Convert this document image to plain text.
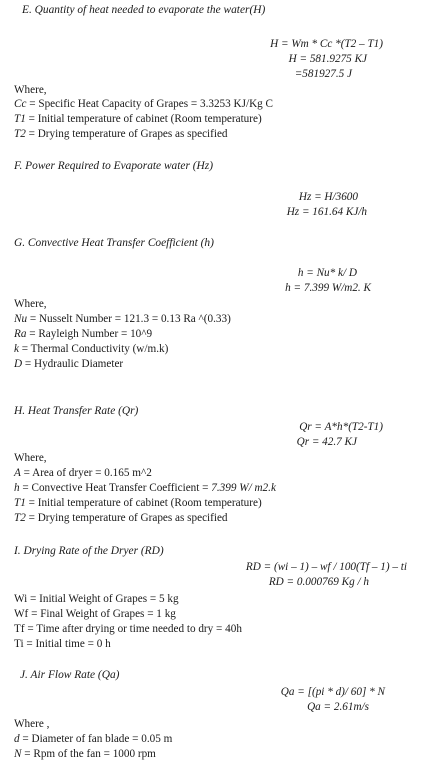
E. Quantity of heat needed to evaporate the water(H)
H = Wm * Cc *(T2 – T1)
H = 581.9275 KJ
=581927.5 J
Where,
Cc = Specific Heat Capacity of Grapes = 3.3253 KJ/Kg C
T1 = Initial temperature of cabinet (Room temperature)
T2 = Drying temperature of Grapes as specified
F. Power Required to Evaporate water (Hz)
Hz = H/3600
Hz = 161.64 KJ/h
G. Convective Heat Transfer Coefficient (h)
h = Nu* k/ D
h = 7.399 W/m2. K
Where,
Nu = Nusselt Number = 121.3 = 0.13 Ra ^(0.33)
Ra = Rayleigh Number = 10^9
k = Thermal Conductivity (w/m.k)
D = Hydraulic Diameter
H. Heat Transfer Rate (Qr)
Qr = A*h*(T2-T1)
Qr = 42.7 KJ
Where,
A = Area of dryer = 0.165 m^2
h = Convective Heat Transfer Coefficient = 7.399 W/ m2.k
T1 = Initial temperature of cabinet (Room temperature)
T2 = Drying temperature of Grapes as specified
I. Drying Rate of the Dryer (RD)
RD = (wi – 1) – wf / 100(Tf – 1) – ti
RD = 0.000769 Kg / h
Wi = Initial Weight of Grapes = 5 kg
Wf = Final Weight of Grapes = 1 kg
Tf = Time after drying or time needed to dry = 40h
Ti = Initial time = 0 h
J. Air Flow Rate (Qa)
Qa = [(pi * d)/ 60] * N
Qa = 2.61m/s
Where ,
d = Diameter of fan blade = 0.05 m
N = Rpm of the fan = 1000 rpm
